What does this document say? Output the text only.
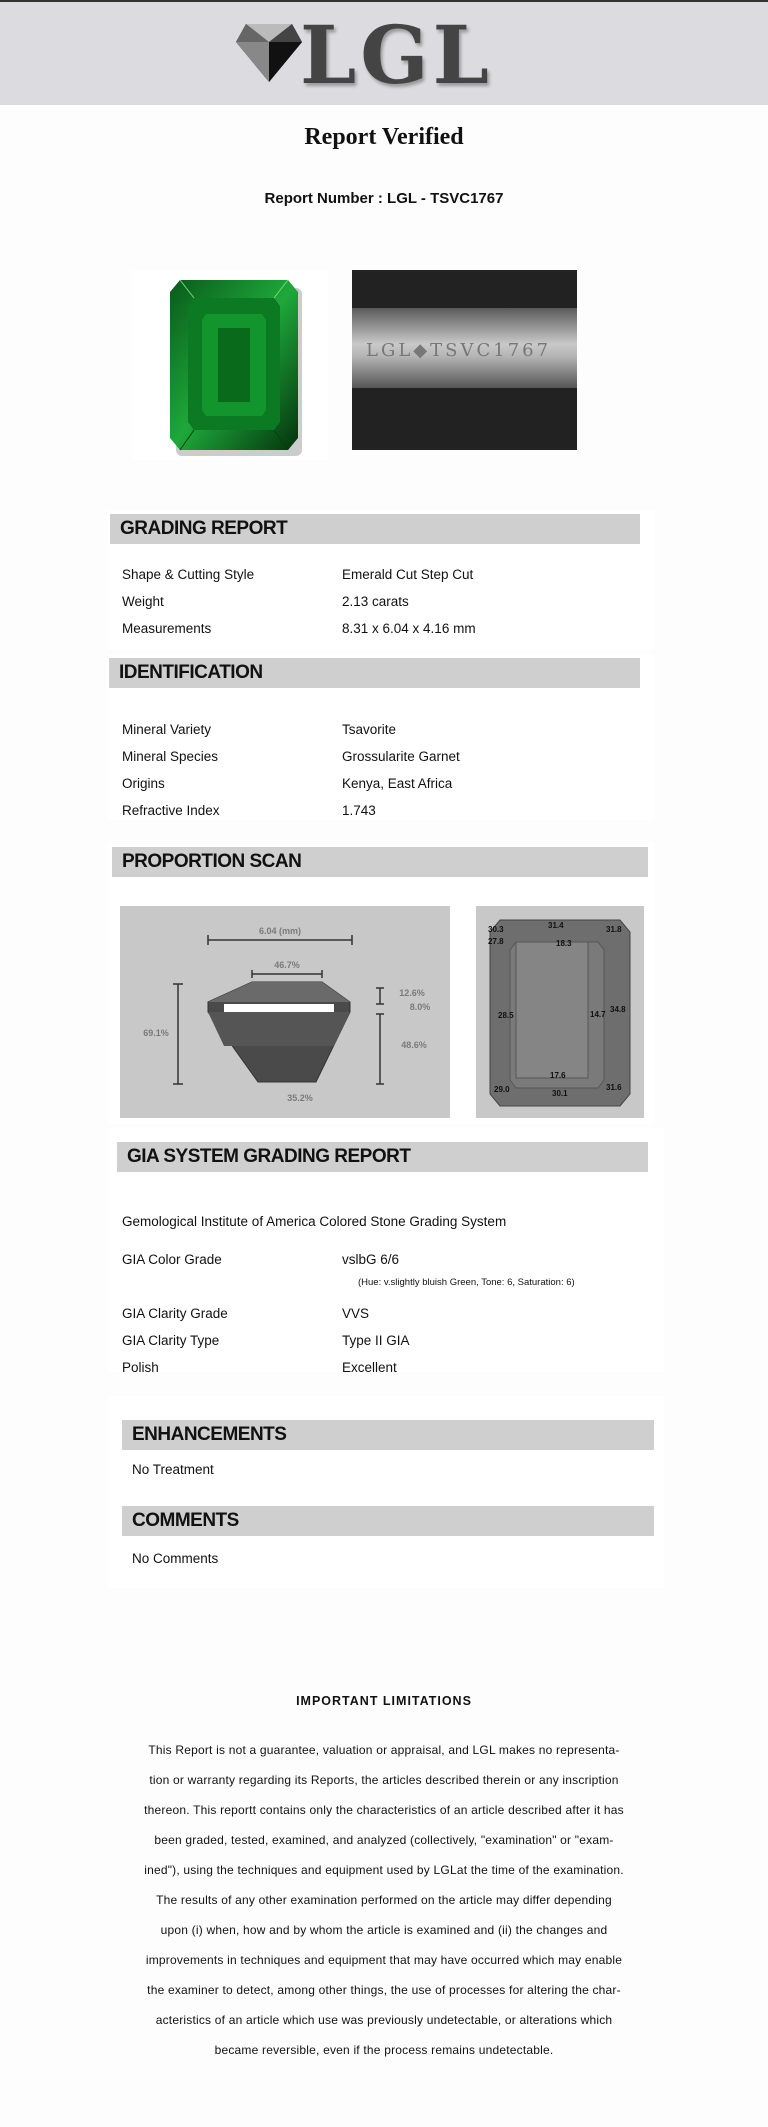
LGL
Report Verified
Report Number : LGL - TSVC1767
LGL◆TSVC1767
GRADING REPORT
Shape & Cutting Style	Emerald Cut Step Cut
Weight	2.13 carats
Measurements	8.31 x 6.04 x 4.16 mm
IDENTIFICATION
Mineral Variety	Tsavorite
Mineral Species	Grossularite Garnet
Origins	Kenya, East Africa
Refractive Index	1.743
PROPORTION SCAN
6.04 (mm)
46.7%
69.1%
12.6%
8.0%
48.6%
35.2%
30.3	31.4	31.8
27.8	18.3
28.5	14.7
34.8
17.6
29.0	30.1
31.6
GIA SYSTEM GRADING REPORT
Gemological Institute of America Colored Stone Grading System
GIA Color Grade	vslbG 6/6
(Hue: v.slightly bluish Green, Tone: 6, Saturation: 6)
GIA Clarity Grade	VVS
GIA Clarity Type	Type II GIA
Polish	Excellent
ENHANCEMENTS
No Treatment
COMMENTS
No Comments
IMPORTANT LIMITATIONS
This Report is not a guarantee, valuation or appraisal, and LGL makes no representa-
tion or warranty regarding its Reports, the articles described therein or any inscription
thereon. This reportt contains only the characteristics of an article described after it has
been graded, tested, examined, and analyzed (collectively, "examination" or "exam-
ined"), using the techniques and equipment used by LGLat the time of the examination.
The results of any other examination performed on the article may differ depending
upon (i) when, how and by whom the article is examined and (ii) the changes and
improvements in techniques and equipment that may have occurred which may enable
the examiner to detect, among other things, the use of processes for altering the char-
acteristics of an article which use was previously undetectable, or alterations which
became reversible, even if the process remains undetectable.
